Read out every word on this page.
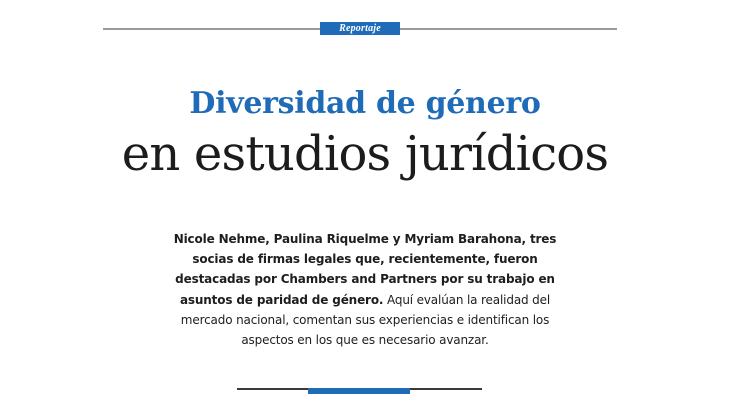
Reportaje
Diversidad de género
en estudios jurídicos

Nicole Nehme, Paulina Riquelme y Myriam Barahona, tres socias de firmas legales que, recientemente, fueron destacadas por Chambers and Partners por su trabajo en asuntos de paridad de género. Aquí evalúan la realidad del mercado nacional, comentan sus experiencias e identifican los aspectos en los que es necesario avanzar.
